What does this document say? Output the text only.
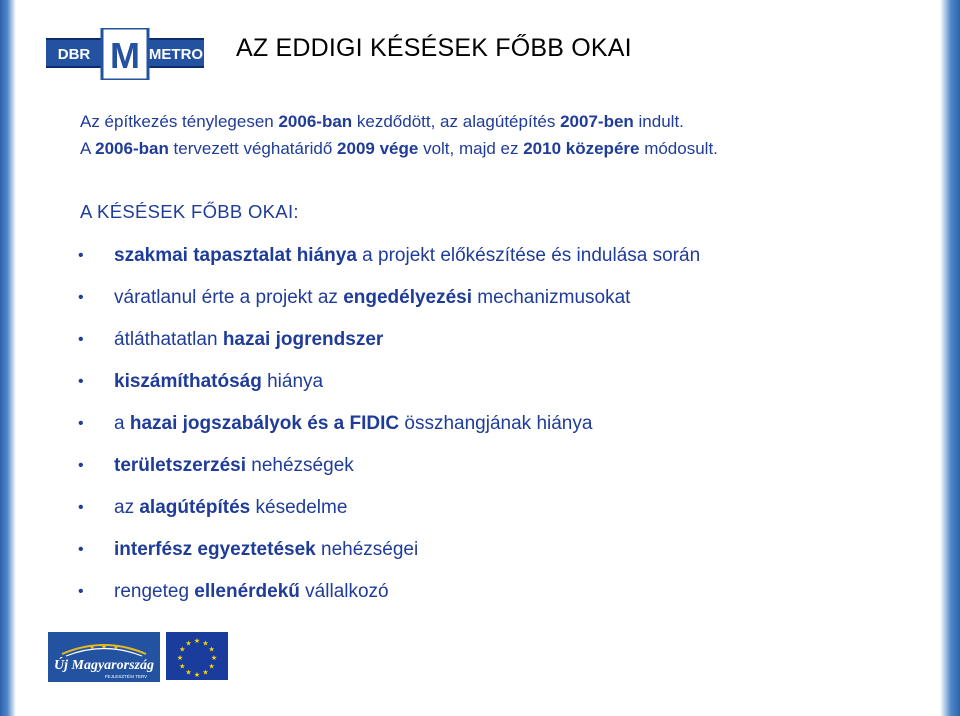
DBR M METRO AZ EDDIGI KÉSÉSEK FŐBB OKAI
Az építkezés ténylegesen 2006-ban kezdődött, az alagútépítés 2007-ben indult.
A 2006-ban tervezett véghatáridő 2009 vége volt, majd ez 2010 közepére módosult.
A KÉSÉSEK FŐBB OKAI:
• szakmai tapasztalat hiánya a projekt előkészítése és indulása során
• váratlanul érte a projekt az engedélyezési mechanizmusokat
• átláthatatlan hazai jogrendszer
• kiszámíthatóság hiánya
• a hazai jogszabályok és a FIDIC összhangjának hiánya
• területszerzési nehézségek
• az alagútépítés késedelme
• interfész egyeztetések nehézségei
• rengeteg ellenérdekű vállalkozó
Új Magyarország
FEJLESZTÉSI TERV
★ ★
★
★
★
★
★
★
★
★
★
★
